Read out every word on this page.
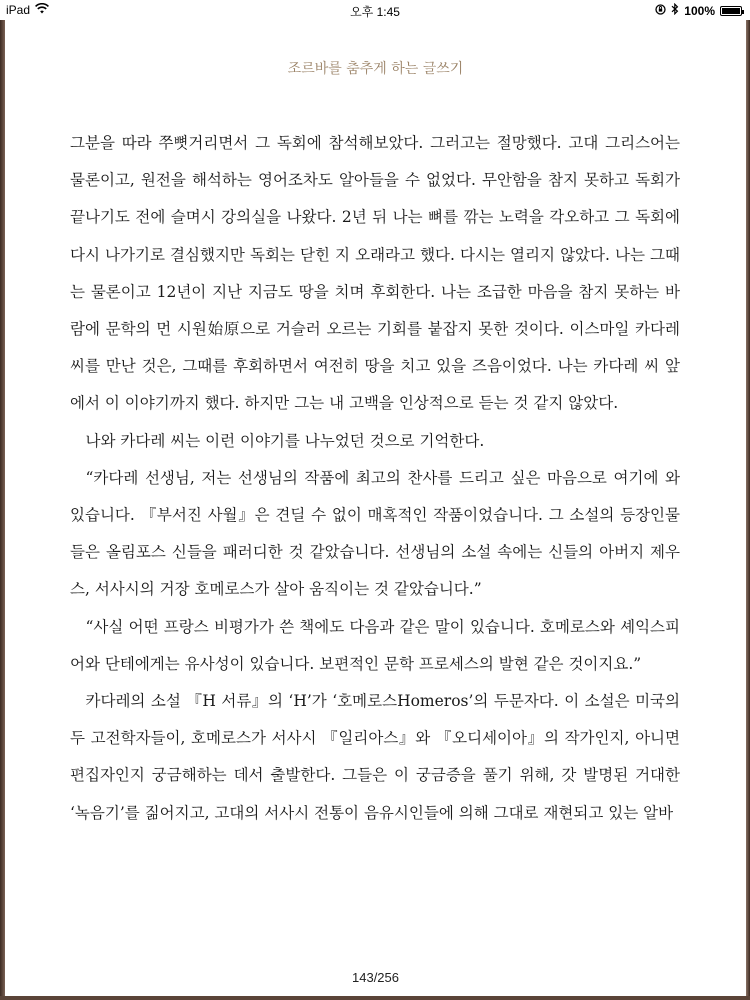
iPad	오후 1:45	100%
조르바를 춤추게 하는 글쓰기

그분을 따라 쭈뼛거리면서 그 독회에 참석해보았다. 그러고는 절망했다. 고대 그리스어는 물론이고, 원전을 해석하는 영어조차도 알아들을 수 없었다. 무안함을 참지 못하고 독회가 끝나기도 전에 슬며시 강의실을 나왔다. 2년 뒤 나는 뼈를 깎는 노력을 각오하고 그 독회에 다시 나가기로 결심했지만 독회는 닫힌 지 오래라고 했다. 다시는 열리지 않았다. 나는 그때는 물론이고 12년이 지난 지금도 땅을 치며 후회한다. 나는 조급한 마음을 참지 못하는 바람에 문학의 먼 시원始原으로 거슬러 오르는 기회를 붙잡지 못한 것이다. 이스마일 카다레 씨를 만난 것은, 그때를 후회하면서 여전히 땅을 치고 있을 즈음이었다. 나는 카다레 씨 앞에서 이 이야기까지 했다. 하지만 그는 내 고백을 인상적으로 듣는 것 같지 않았다.

나와 카다레 씨는 이런 이야기를 나누었던 것으로 기억한다.

“카다레 선생님, 저는 선생님의 작품에 최고의 찬사를 드리고 싶은 마음으로 여기에 와 있습니다. 『부서진 사월』은 견딜 수 없이 매혹적인 작품이었습니다. 그 소설의 등장인물들은 올림포스 신들을 패러디한 것 같았습니다. 선생님의 소설 속에는 신들의 아버지 제우스, 서사시의 거장 호메로스가 살아 움직이는 것 같았습니다.”

“사실 어떤 프랑스 비평가가 쓴 책에도 다음과 같은 말이 있습니다. 호메로스와 셰익스피어와 단테에게는 유사성이 있습니다. 보편적인 문학 프로세스의 발현 같은 것이지요.”

카다레의 소설 『H 서류』의 ‘H’가 ‘호메로스Homeros’의 두문자다. 이 소설은 미국의 두 고전학자들이, 호메로스가 서사시 『일리아스』와 『오디세이아』의 작가인지, 아니면 편집자인지 궁금해하는 데서 출발한다. 그들은 이 궁금증을 풀기 위해, 갓 발명된 거대한 ‘녹음기’를 짊어지고, 고대의 서사시 전통이 음유시인들에 의해 그대로 재현되고 있는 알바

143/256
